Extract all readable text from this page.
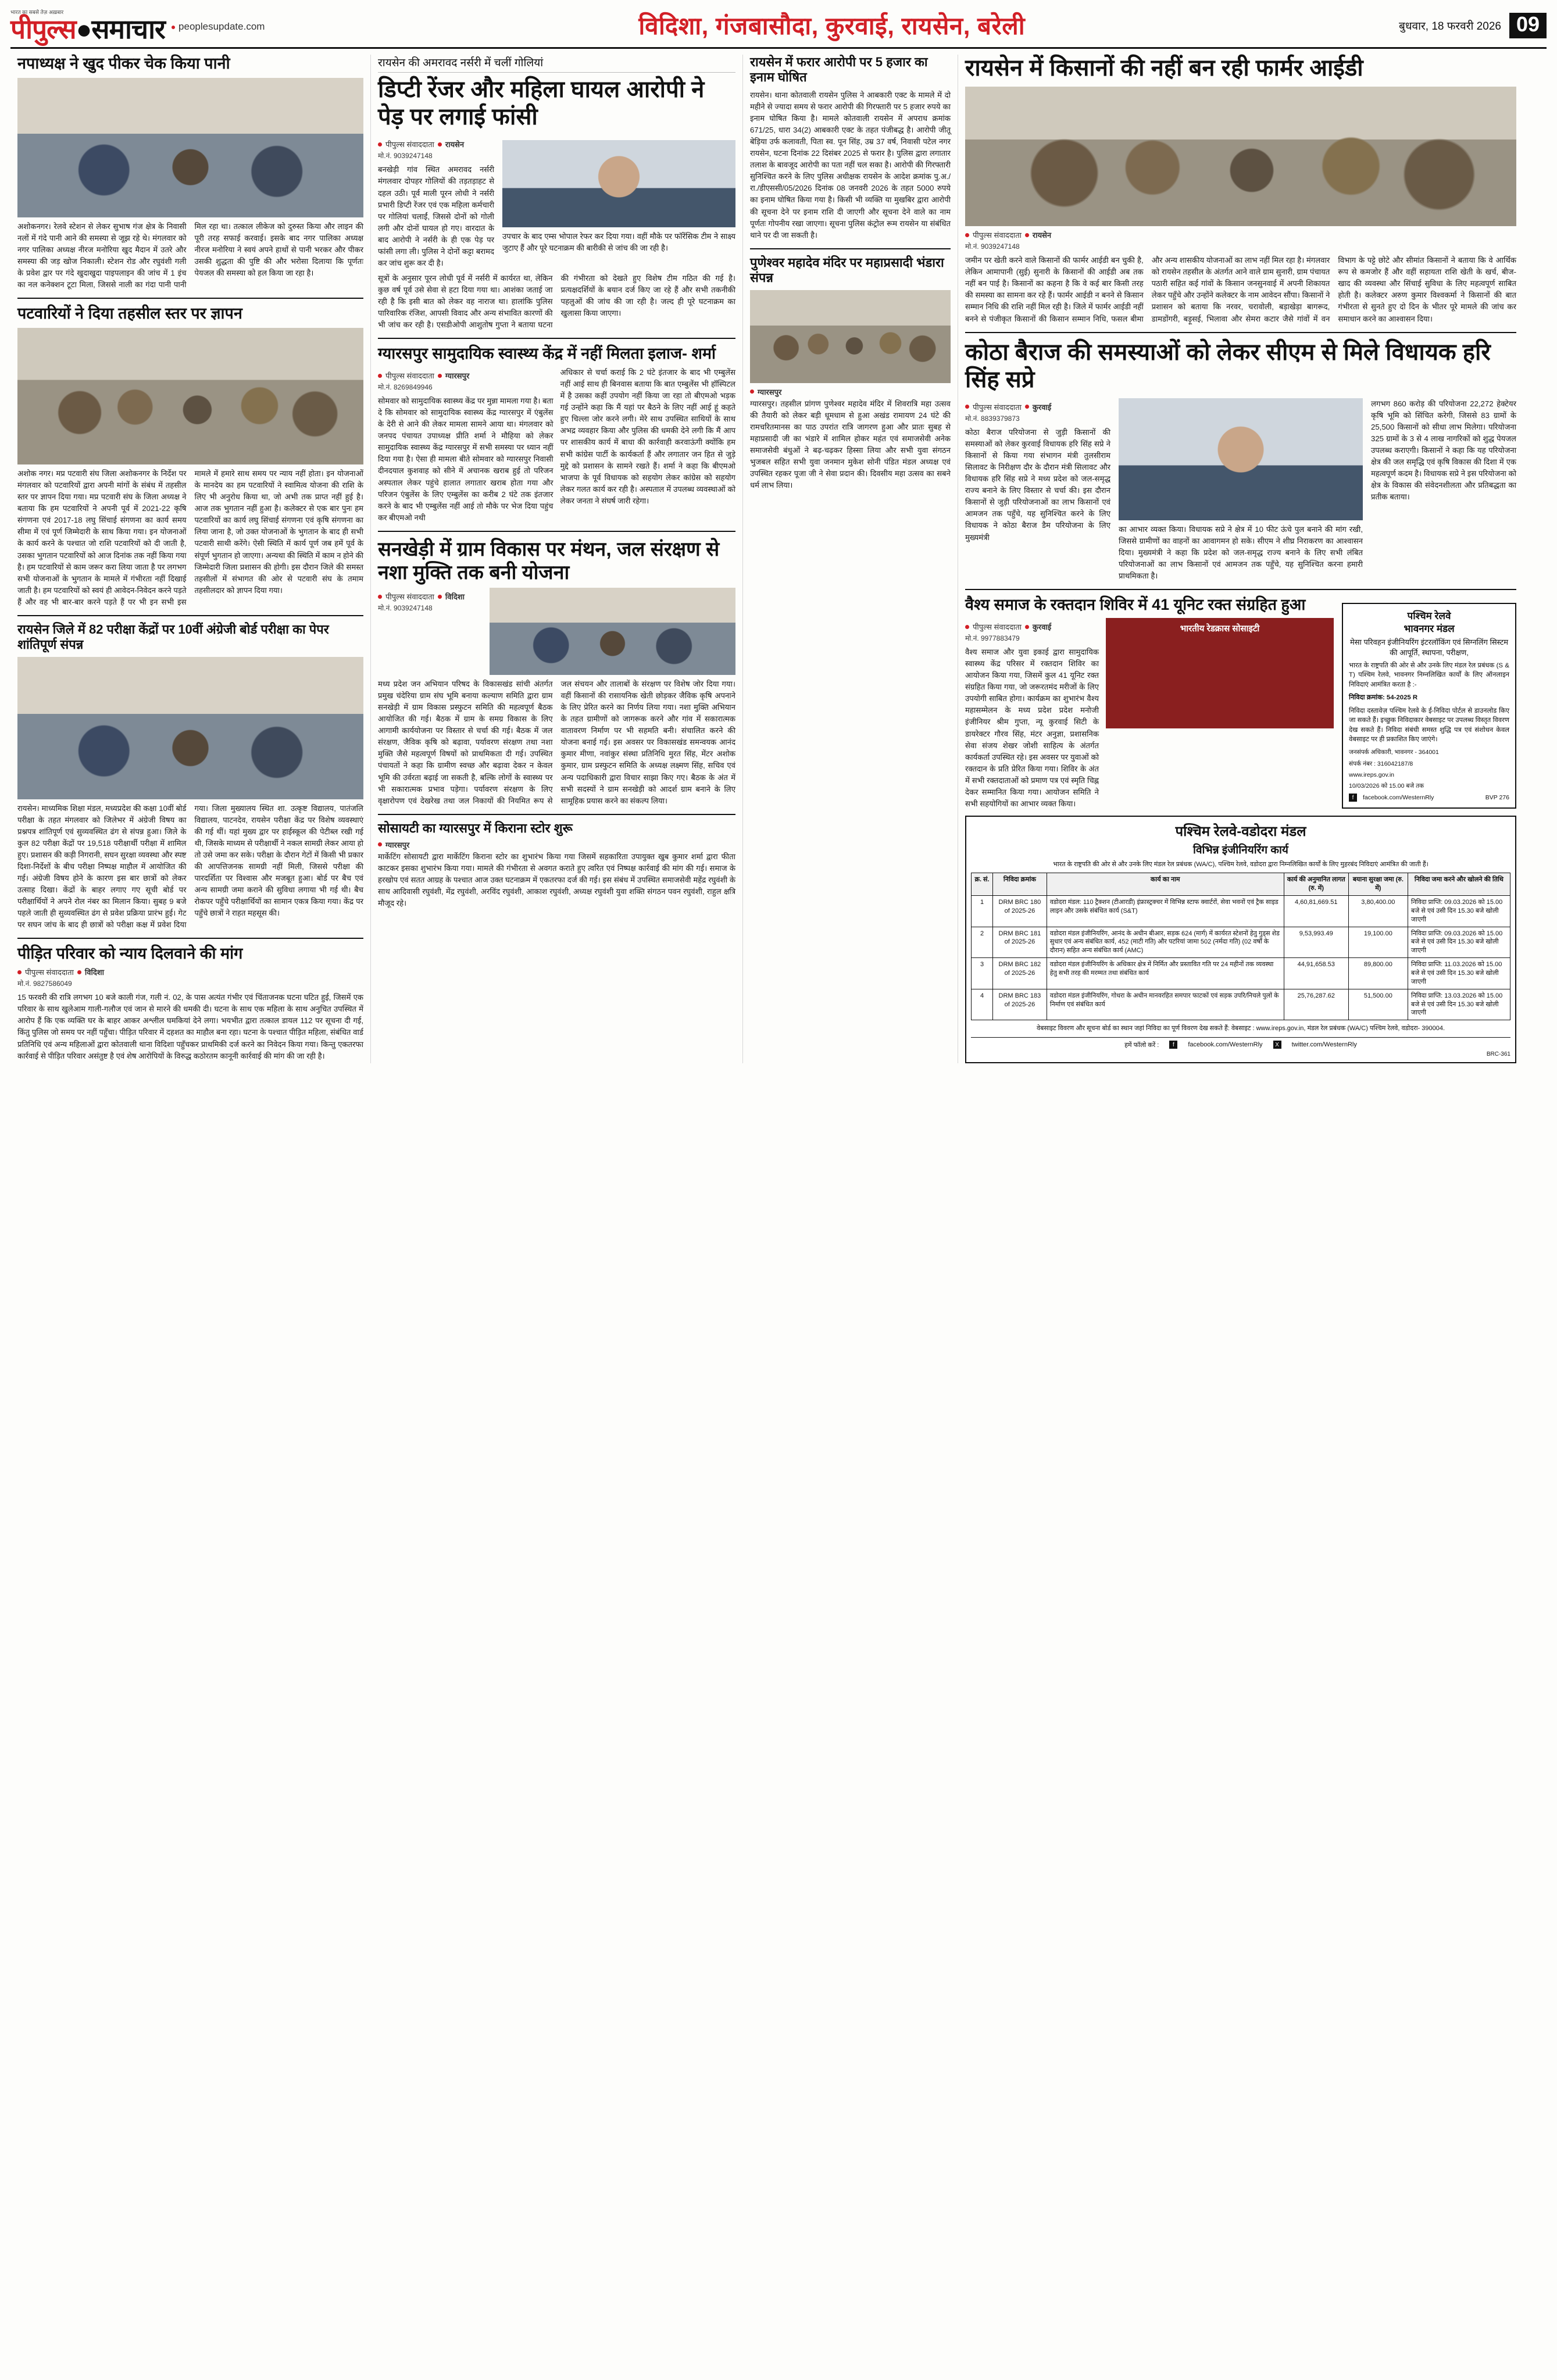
भारत का सबसे तेज़ अख़बार
पीपुल्स●समाचार ● peoplesupdate.com	विदिशा, गंजबासौदा, कुरवाई, रायसेन, बरेली	बुधवार, 18 फरवरी 2026 09
नपाध्यक्ष ने खुद पीकर चेक किया पानी
अशोकनगर। रेलवे स्टेशन से लेकर सुभाष गंज क्षेत्र के निवासी नलों में गंदे पानी आने की समस्या से जूझ रहे थे। मंगलवार को नगर पालिका अध्यक्ष नीरज मनोरिया खुद मैदान में उतरे और समस्या की जड़ खोज निकाली। स्टेशन रोड और रघुवंशी गली के प्रवेश द्वार पर गंदे खुदाखुदा पाइपलाइन की जांच में 1 इंच का नल कनेक्शन टूटा मिला, जिससे नाली का गंदा पानी पानी मिल रहा था। तत्काल लीकेज को दुरुस्त किया और लाइन की पूरी तरह सफाई करवाई। इसके बाद नगर पालिका अध्यक्ष नीरज मनोरिया ने स्वयं अपने हाथों से पानी भरकर और पीकर उसकी शुद्धता की पुष्टि की और भरोसा दिलाया कि पूर्णतः पेयजल की समस्या को हल किया जा रहा है।
पटवारियों ने दिया तहसील स्तर पर ज्ञापन
अशोक नगर। मप्र पटवारी संघ जिला अशोकनगर के निर्देश पर मंगलवार को पटवारियों द्वारा अपनी मांगों के संबंध में तहसील स्तर पर ज्ञापन दिया गया। मप्र पटवारी संघ के जिला अध्यक्ष ने बताया कि हम पटवारियों ने अपनी पूर्व में 2021-22 कृषि संगणना एवं 2017-18 लघु सिंचाई संगणना का कार्य समय सीमा में एवं पूर्ण जिम्मेदारी के साथ किया गया। इन योजनाओं के कार्य करने के पश्चात जो राशि पटवारियों को दी जाती है, उसका भुगतान पटवारियों को आज दिनांक तक नहीं किया गया है। हम पटवारियों से काम जरूर करा लिया जाता है पर लगभग सभी योजनाओं के भुगतान के मामले में गंभीरता नहीं दिखाई जाती है। हम पटवारियों को स्वयं ही आवेदन-निवेदन करने पड़ते हैं और वह भी बार-बार करने पड़ते हैं पर भी इन सभी इस मामले में हमारे साथ समय पर न्याय नहीं होता। इन योजनाओं के मानदेय का हम पटवारियों ने स्वामित्व योजना की राशि के लिए भी अनुरोध किया था, जो अभी तक प्राप्त नहीं हुई है। आज तक भुगतान नहीं हुआ है। कलेक्टर से एक बार पुनः हम पटवारियों का कार्य लघु सिंचाई संगणना एवं कृषि संगणना का लिया जाना है, जो उक्त योजनाओं के भुगतान के बाद ही सभी पटवारी साथी करेंगे। ऐसी स्थिति में कार्य पूर्ण जब हमें पूर्व के संपूर्ण भुगतान हो जाएगा। अन्यथा की स्थिति में काम न होने की जिम्मेदारी जिला प्रशासन की होगी। इस दौरान जिले की समस्त तहसीलों में संभागत की ओर से पटवारी संघ के तमाम तहसीलदार को ज्ञापन दिया गया।
रायसेन जिले में 82 परीक्षा केंद्रों पर 10वीं अंग्रेजी बोर्ड परीक्षा का पेपर शांतिपूर्ण संपन्न
रायसेन। माध्यमिक शिक्षा मंडल, मध्यप्रदेश की कक्षा 10वीं बोर्ड परीक्षा के तहत मंगलवार को जिलेभर में अंग्रेजी विषय का प्रश्नपत्र शांतिपूर्ण एवं सुव्यवस्थित ढंग से संपन्न हुआ। जिले के कुल 82 परीक्षा केंद्रों पर 19,518 परीक्षार्थी परीक्षा में शामिल हुए। प्रशासन की कड़ी निगरानी, सघन सुरक्षा व्यवस्था और स्पष्ट दिशा-निर्देशों के बीच परीक्षा निष्पक्ष माहौल में आयोजित की गई। अंग्रेजी विषय होने के कारण इस बार छात्रों को लेकर उत्साह दिखा। केंद्रों के बाहर लगाए गए सूची बोर्ड पर परीक्षार्थियों ने अपने रोल नंबर का मिलान किया। सुबह 9 बजे पहले जाती ही सुव्यवस्थित ढंग से प्रवेश प्रक्रिया प्रारंभ हुई। गेट पर सघन जांच के बाद ही छात्रों को परीक्षा कक्ष में प्रवेश दिया गया। जिला मुख्यालय स्थित शा. उत्कृष्ट विद्यालय, पातंजलि विद्यालय, पाटनदेव, रायसेन परीक्षा केंद्र पर विशेष व्यवस्थाएं की गई थीं। यहां मुख्य द्वार पर हाईस्कूल की पेटीब्ल रखी गई थी, जिसके माध्यम से परीक्षार्थी ने नकल सामग्री लेकर आया हो तो उसे जमा कर सके। परीक्षा के दौरान गेटों में किसी भी प्रकार की आपत्तिजनक सामग्री नहीं मिली, जिससे परीक्षा की पारदर्शिता पर विश्वास और मजबूत हुआ। बोर्ड पर बैच एवं अन्य सामग्री जमा कराने की सुविधा लगाया भी गई थी। बैच रोकपर पहुँचे परीक्षार्थियों का सामान एकत्र किया गया। केंद्र पर पहुँचे छात्रों ने राहत महसूस की।
पीड़ित परिवार को न्याय दिलवाने की मांग
पीपुल्स संवाददाता विदिशा
मो.नं. 9827586049
15 फरवरी की रात्रि लगभग 10 बजे काली गंज, गली नं. 02, के पास अत्यंत गंभीर एवं चिंताजनक घटना घटित हुई, जिसमें एक परिवार के साथ खुलेआम गाली-गलौज एवं जान से मारने की धमकी दी। घटना के साथ एक महिला के साथ अनुचित उपस्थित में आरोप हैं कि एक व्यक्ति घर के बाहर आकर अश्लील घमकियां देने लगा। भयभीत द्वारा तत्काल डायल 112 पर सूचना दी गई, किंतु पुलिस जो समय पर नहीं पहुँचा। पीड़ित परिवार में दहशत का माहौल बना रहा। घटना के पश्चात पीड़ित महिला, संबंधित वार्ड प्रतिनिधि एवं अन्य महिलाओं द्वारा कोतवाली थाना विदिशा पहुँचकर प्राथमिकी दर्ज करने का निवेदन किया गया। किन्तु एकतरफा कार्रवाई से पीड़ित परिवार असंतुष्ट है एवं शेष आरोपियों के विरुद्ध कठोरतम कानूनी कार्रवाई की मांग की जा रही है।
रायसेन की अमरावद नर्सरी में चलीं गोलियां
डिप्टी रेंजर और महिला घायल आरोपी ने पेड़ पर लगाई फांसी
पीपुल्स संवाददाता रायसेन
मो.नं. 9039247148
बनखेड़ी गांव स्थित अमरावद नर्सरी मंगलवार दोपहर गोलियों की तड़तड़ाहट से दहल उठी। पूर्व माली पूरन लोधी ने नर्सरी प्रभारी डिप्टी रेंजर एवं एक महिला कर्मचारी पर गोलियां चलाईं, जिससे दोनों को गोली लगी और दोनों घायल हो गए। वारदात के बाद आरोपी ने नर्सरी के ही एक पेड़ पर फांसी लगा ली। पुलिस ने दोनों कट्टा बरामद कर जांच शुरू कर दी है।
उपचार के बाद एम्स भोपाल रेफर कर दिया गया। वहीं मौके पर फॉरेंसिक टीम ने साक्ष्य जुटाए हैं और पूरे घटनाक्रम की बारीकी से जांच की जा रही है।
सूत्रों के अनुसार पूरन लोधी पूर्व में नर्सरी में कार्यरत था, लेकिन कुछ वर्ष पूर्व उसे सेवा से हटा दिया गया था। आशंका जताई जा रही है कि इसी बात को लेकर वह नाराज था। हालांकि पुलिस पारिवारिक रंजिश, आपसी विवाद और अन्य संभावित कारणों की भी जांच कर रही है। एसडीओपी आशुतोष गुप्ता ने बताया घटना की गंभीरता को देखते हुए विशेष टीम गठित की गई है। प्रत्यक्षदर्शियों के बयान दर्ज किए जा रहे हैं और सभी तकनीकी पहलुओं की जांच की जा रही है। जल्द ही पूरे घटनाक्रम का खुलासा किया जाएगा।
ग्यारसपुर सामुदायिक स्वास्थ्य केंद्र में नहीं मिलता इलाज- शर्मा
पीपुल्स संवाददाता ग्यारसपुर
मो.नं. 8269849946
सोमवार को सामुदायिक स्वास्थ्य केंद्र पर मुन्ना मामला गया है। बता दे कि सोमवार को सामुदायिक स्वास्थ्य केंद्र ग्यारसपुर में एंबुलेंस के देरी से आने की लेकर मामला सामने आया था। मंगलवार को जनपद पंचायत उपाध्यक्ष प्रीति शर्मा ने मौहिया को लेकर सामुदायिक स्वास्थ्य केंद्र ग्यारसपुर में सभी समस्या पर ध्यान नहीं दिया गया है। ऐसा ही मामला बीते सोमवार को ग्यारसपुर निवासी दीनदयाल कुशवाह को सीने में अचानक खराब हुई तो परिजन अस्पताल लेकर पहुंचे हालात लगातार खराब होता गया और परिजन एंबुलेंस के लिए एम्बुलेंस का करीब 2 घंटे तक इंतजार करने के बाद भी एम्बुलेंस नहीं आई तो मौके पर भेज दिया पहुंच कर बीएमओ नथी
अधिकार से चर्चा कराई कि 2 घंटे इंतजार के बाद भी एम्बुलेंस नहीं आई साथ ही बिनवास बताया कि बात एम्बुलेंस भी हॉस्पिटल में है उसका कहीं उपयोग नहीं किया जा रहा तो बीएमओ भड़क गई उन्होंने कहा कि मैं यहां पर बैठने के लिए नहीं आई हूं कहते हुए चिल्ला जोर करने लगी। मेरे साथ उपस्थित साथियों के साथ अभद्र व्यवहार किया और पुलिस की धमकी देने लगी कि मैं आप पर शासकीय कार्य में बाधा की कार्रवाही करवाऊंगी क्योंकि हम सभी कांग्रेस पार्टी के कार्यकर्ता हैं और लगातार जन हित से जुड़े मुद्दे को प्रशासन के सामने रखते हैं। शर्मा ने कहा कि बीएमओ भाजपा के पूर्व विधायक को सहयोग लेकर कांग्रेस को सहयोग लेकर गलत कार्य कर रही है। अस्पताल में उपलब्ध व्यवस्थाओं को लेकर जनता ने संघर्ष जारी रहेगा।
सनखेड़ी में ग्राम विकास पर मंथन, जल संरक्षण से नशा मुक्ति तक बनी योजना
पीपुल्स संवाददाता विदिशा
मो.नं. 9039247148
मध्य प्रदेश जन अभियान परिषद के विकासखंड सांची अंतर्गत प्रमुख चंदेरिया ग्राम संघ भूमि बनाया कल्याण समिति द्वारा ग्राम सनखेड़ी में ग्राम विकास प्रस्फुटन समिति की महत्वपूर्ण बैठक आयोजित की गई। बैठक में ग्राम के समग्र विकास के लिए आगामी कार्ययोजना पर विस्तार से चर्चा की गई। बैठक में जल संरक्षण, जैविक कृषि को बढ़ावा, पर्यावरण संरक्षण तथा नशा मुक्ति जैसे महत्वपूर्ण विषयों को प्राथमिकता दी गई। उपस्थित पंचायतों ने कहा कि ग्रामीण स्वच्छ और बढ़ावा देकर न केवल भूमि की उर्वरता बढ़ाई जा सकती है, बल्कि लोगों के स्वास्थ्य पर भी सकारात्मक प्रभाव पड़ेगा। पर्यावरण संरक्षण के लिए वृक्षारोपण एवं देखरेख तथा जल निकायों की नियमित रूप से जल संचयन और तालाबों के संरक्षण पर विशेष जोर दिया गया। वहीं किसानों की रासायनिक खेती छोड़कर जैविक कृषि अपनाने के लिए प्रेरित करने का निर्णय लिया गया। नशा मुक्ति अभियान के तहत ग्रामीणों को जागरूक करने और गांव में सकारात्मक वातावरण निर्माण पर भी सहमति बनी। संचालित करने की योजना बनाई गई। इस अवसर पर विकासखंड समन्वयक आनंद कुमार मीणा, नवांकुर संस्था प्रतिनिधि मुरत सिंह, मेंटर अशोक कुमार, ग्राम प्रस्फुटन समिति के अध्यक्ष लक्ष्मण सिंह, सचिव एवं अन्य पदाधिकारी द्वारा विचार साझा किए गए। बैठक के अंत में सभी सदस्यों ने ग्राम सनखेड़ी को आदर्श ग्राम बनाने के लिए सामूहिक प्रयास करने का संकल्प लिया।
सोसायटी का ग्यारसपुर में किराना स्टोर शुरू
ग्यारसपुर
मार्केटिंग सोसायटी द्वारा मार्केटिंग किराना स्टोर का शुभारंभ किया गया जिसमें सहकारिता उपायुक्त खुब कुमार शर्मा द्वारा फीता काटकर इसका शुभारंभ किया गया। मामले की गंभीरता से अवगत कराते हुए त्वरित एवं निष्पक्ष कार्रवाई की मांग की गई। समाज के हरखोप एवं सतत आग्रह के पश्चात आज उक्त घटनाक्रम में एकतरफा दर्ज की गई। इस संबंध में उपस्थित समाजसेवी महेंद्र रघुवंशी के साथ आदिवासी रघुवंशी, मेंद्र रघुवंशी, अरविंद रघुवंशी, आकाश रघुवंशी, अध्यक्ष रघुवंशी युवा शक्ति संगठन पवन रघुवंशी, राहुल क्षत्रि मौजूद रहे।
रायसेन में फरार आरोपी पर 5 हजार का इनाम घोषित
रायसेन। थाना कोतवाली रायसेन पुलिस ने आबकारी एक्ट के मामले में दो महीने से ज्यादा समय से फरार आरोपी की गिरफ्तारी पर 5 हजार रुपये का इनाम घोषित किया है। मामले कोतवाली रायसेन में अपराध क्रमांक 671/25, धारा 34(2) आबकारी एक्ट के तहत पंजीबद्ध है। आरोपी जीतू बेड़िया उर्फ कलावती, पिता स्व. पून सिंह, उम्र 37 वर्ष, निवासी पटेल नगर रायसेन, घटना दिनांक 22 दिसंबर 2025 से फरार है। पुलिस द्वारा लगातार तलाश के बावजूद आरोपी का पता नहीं चल सका है। आरोपी की गिरफ्तारी सुनिश्चित करने के लिए पुलिस अधीक्षक रायसेन के आदेश क्रमांक पु.अ./रा./डीएससी/05/2026 दिनांक 08 जनवरी 2026 के तहत 5000 रुपये का इनाम घोषित किया गया है। किसी भी व्यक्ति या मुखबिर द्वारा आरोपी की सूचना देने पर इनाम राशि दी जाएगी और सूचना देने वाले का नाम पूर्णतः गोपनीय रखा जाएगा। सूचना पुलिस कंट्रोल रूम रायसेन या संबंधित थाने पर दी जा सकती है।
पुणेश्वर महादेव मंदिर पर महाप्रसादी भंडारा संपन्न
ग्यारसपुर
ग्यारसपुर। तहसील प्रांगण पुणेश्वर महादेव मंदिर में शिवरात्रि महा उत्सव की तैयारी को लेकर बड़ी धूमधाम से हुआ अखंड रामायण 24 घंटे की रामचरितमानस का पाठ उपरांत रात्रि जागरण हुआ और प्रातः सुबह से महाप्रसादी जी का भंडारे में शामिल होकर महंत एवं समाजसेवी अनेक समाजसेवी बंधुओं ने बढ़-चढ़कर हिस्सा लिया और सभी युवा संगठन भुजबल सहित सभी युवा जनमान मुकेश सोनी पंडित मंडल अध्यक्ष एवं उपस्थित रहकर पूजा जी ने सेवा प्रदान की। दिवसीय महा उत्सव का सबने धर्म लाभ लिया।
रायसेन में किसानों की नहीं बन रही फार्मर आईडी
पीपुल्स संवाददाता रायसेन
मो.नं. 9039247148
जमीन पर खेती करने वाले किसानों की फार्मर आईडी बन चुकी है, लेकिन आमापानी (सुई) सुनारी के किसानों की आईडी अब तक नहीं बन पाई है। किसानों का कहना है कि वे कई बार किसी तरह की समस्या का सामना कर रहे हैं। फार्मर आईडी न बनने से किसान सम्मान निधि की राशि नहीं मिल रही है। जिले में फार्मर आईडी नहीं बनने से पंजीकृत किसानों की किसान सम्मान निधि, फसल बीमा और अन्य शासकीय योजनाओं का लाभ नहीं मिल रहा है। मंगलवार को रायसेन तहसील के अंतर्गत आने वाले ग्राम सुनारी, ग्राम पंचायत पठारी सहित कई गांवों के किसान जनसुनवाई में अपनी शिकायत लेकर पहुँचे और उन्होंने कलेक्टर के नाम आवेदन सौंपा। किसानों ने प्रशासन को बताया कि नरवर, चरावोली, बड़ाखेड़ा बागरूद, डामडोंगरी, बड़ूसई, भिलावा और सेमरा कटार जैसे गांवों में वन विभाग के पट्टे छोटे और सीमांत किसानों ने बताया कि वे आर्थिक रूप से कमजोर हैं और वहीं सहायता राशि खेती के खर्च, बीज-खाद की व्यवस्था और सिंचाई सुविधा के लिए महत्वपूर्ण साबित होती है। कलेक्टर अरुण कुमार विश्वकर्मा ने किसानों की बात गंभीरता से सुनते हुए दो दिन के भीतर पूरे मामले की जांच कर समाधान करने का आश्वासन दिया।
कोठा बैराज की समस्याओं को लेकर सीएम से मिले विधायक हरि सिंह सप्रे
पीपुल्स संवाददाता कुरवाई
मो.नं. 8839379873
कोठा बैराज परियोजना से जुड़ी किसानों की समस्याओं को लेकर कुरवाई विधायक हरि सिंह सप्रे ने किसानों से किया गया संभागन मंत्री तुलसीराम सिलावट के निरीक्षण दौर के दौरान मंत्री सिलावट और विधायक हरि सिंह सप्रे ने मध्य प्रदेश को जल-समृद्ध राज्य बनाने के लिए विस्तार से चर्चा की। इस दौरान किसानों से जुड़ी परियोजनाओं का लाभ किसानों एवं आमजन तक पहुँचे, यह सुनिश्चित करने के लिए विधायक ने कोठा बैराज डैम परियोजना के लिए मुख्यमंत्री
का आभार व्यक्त किया। विधायक सप्रे ने क्षेत्र में 10 फीट ऊंचे पुल बनाने की मांग रखी, जिससे ग्रामीणों का वाहनों का आवागमन हो सके। सीएम ने शीघ्र निराकरण का आश्वासन दिया। मुख्यमंत्री ने कहा कि प्रदेश को जल-समृद्ध राज्य बनाने के लिए सभी लंबित परियोजनाओं का लाभ किसानों एवं आमजन तक पहुँचे, यह सुनिश्चित करना हमारी प्राथमिकता है।
लगभग 860 करोड़ की परियोजना 22,272 हेक्टेयर कृषि भूमि को सिंचित करेगी, जिससे 83 ग्रामों के 25,500 किसानों को सीधा लाभ मिलेगा। परियोजना 325 ग्रामों के 3 से 4 लाख नागरिकों को शुद्ध पेयजल उपलब्ध कराएगी। किसानों ने कहा कि यह परियोजना क्षेत्र की जल समृद्धि एवं कृषि विकास की दिशा में एक महत्वपूर्ण कदम है। विधायक सप्रे ने इस परियोजना को क्षेत्र के विकास की संवेदनशीलता और प्रतिबद्धता का प्रतीक बताया।
वैश्य समाज के रक्तदान शिविर में 41 यूनिट रक्त संग्रहित हुआ
पीपुल्स संवाददाता कुरवाई
मो.नं. 9977883479
वैश्य समाज और युवा इकाई द्वारा सामुदायिक स्वास्थ्य केंद्र परिसर में रक्तदान शिविर का आयोजन किया गया, जिसमें कुल 41 यूनिट रक्त संग्रहित किया गया, जो जरूरतमंद मरीजों के लिए उपयोगी साबित होगा। कार्यक्रम का शुभारंभ वैश्य महासम्मेलन के मध्य प्रदेश प्रदेश मनोजी इंजीनियर श्रीम गुप्ता, न्यू कुरवाई सिटी के डायरेक्टर गौरव सिंह, मंटर अनुज्ञा, प्रशासनिक सेवा संजय शेखर जोशी साहित्य के अंतर्गत कार्यकर्ता उपस्थित रहे। इस अवसर पर युवाओं को रक्तदान के प्रति प्रेरित किया गया। शिविर के अंत में सभी रक्तदाताओं को प्रमाण पत्र एवं स्मृति चिह्न देकर सम्मानित किया गया। आयोजन समिति ने सभी सहयोगियों का आभार व्यक्त किया।
भारतीय रेडक्रास सोसाइटी
पश्चिम रेलवे
भावनगर मंडल
मेसा परिवहन इंजीनियरिंग इंटरलॉकिंग एवं सिग्नलिंग सिस्टम की आपूर्ति, स्थापना, परीक्षण,
भारत के राष्ट्रपति की ओर से और उनके लिए मंडल रेल प्रबंधक (S & T) पश्चिम रेलवे, भावनगर निम्नलिखित कार्यों के लिए ऑनलाइन निविदाएं आमंत्रित करता है :-
निविदा क्रमांक: 54-2025 R
निविदा दस्तावेज़ पश्चिम रेलवे के ई-निविदा पोर्टल से डाउनलोड किए जा सकते हैं। इच्छुक निविदाकार वेबसाइट पर उपलब्ध विस्तृत विवरण देख सकते हैं। निविदा संबंधी समस्त शुद्धि पत्र एवं संशोधन केवल वेबसाइट पर ही प्रकाशित किए जाएंगे।
जनसंपर्क अधिकारी, भावनगर - 364001
संपर्क नंबर : 316042187/8
www.ireps.gov.in
10/03/2026 को 15.00 बजे तक
f	facebook.com/WesternRly	BVP 276
पश्चिम रेलवे-वडोदरा मंडल
विभिन्न इंजीनियरिंग कार्य
भारत के राष्ट्रपति की ओर से और उनके लिए मंडल रेल प्रबंधक (WA/C), पश्चिम रेलवे, वडोदरा द्वारा निम्नलिखित कार्यों के लिए मुहरबंद निविदाएं आमंत्रित की जाती हैं।
क्र. सं.	निविदा क्रमांक	कार्य का नाम	कार्य की अनुमानित लागत (रु. में)	बयाना सुरक्षा जमा (रु. में)	निविदा जमा करने और खोलने की तिथि
1	DRM BRC 180 of 2025-26	वडोदरा मंडल: 110 ट्रैक्शन (टीआरडी) इंफ्रास्ट्रक्चर में विभिन्न स्टाफ क्वार्टरों, सेवा भवनों एवं ट्रैक साइड लाइन और उसके संबंधित कार्य (S&T)	4,60,81,669.51	3,80,400.00	निविदा प्राप्ति: 09.03.2026 को 15.00 बजे से एवं उसी दिन 15.30 बजे खोली जाएगी
2	DRM BRC 181 of 2025-26	वडोदरा मंडल इंजीनियरिंग, आनंद के अधीन बीआर, सड़क 624 (मार्ग) में कार्यरत स्टेशनों हेतु गुड्स शेड सुधार एवं अन्य संबंधित कार्य, 452 (माटी गति) और पटरियां जामा 502 (नर्मदा गति) (02 वर्षों के दौरान) सहित अन्य संबंधित कार्य (AMC)	9,53,993.49	19,100.00	निविदा प्राप्ति: 09.03.2026 को 15.00 बजे से एवं उसी दिन 15.30 बजे खोली जाएगी
3	DRM BRC 182 of 2025-26	वडोदरा मंडल इंजीनियरिंग के अधिकार क्षेत्र में निर्मित और प्रस्तावित गति पर 24 महीनों तक व्यवस्था हेतु सभी तरह की मरम्मत तथा संबंधित कार्य	44,91,658.53	89,800.00	निविदा प्राप्ति: 11.03.2026 को 15.00 बजे से एवं उसी दिन 15.30 बजे खोली जाएगी
4	DRM BRC 183 of 2025-26	वडोदरा मंडल इंजीनियरिंग, गोधरा के अधीन मानवरहित समपार फाटकों एवं सड़क उपरि/निचले पुलों के निर्माण एवं संबंधित कार्य	25,76,287.62	51,500.00	निविदा प्राप्ति: 13.03.2026 को 15.00 बजे से एवं उसी दिन 15.30 बजे खोली जाएगी
वेबसाइट विवरण और सूचना बोर्ड का स्थान जहां निविदा का पूर्ण विवरण देख सकते हैं: वेबसाइट : www.ireps.gov.in, मंडल रेल प्रबंधक (WA/C) पश्चिम रेलवे, वडोदरा- 390004.
हमें फॉलो करें :	f	facebook.com/WesternRly	X	twitter.com/WesternRly
BRC-361
